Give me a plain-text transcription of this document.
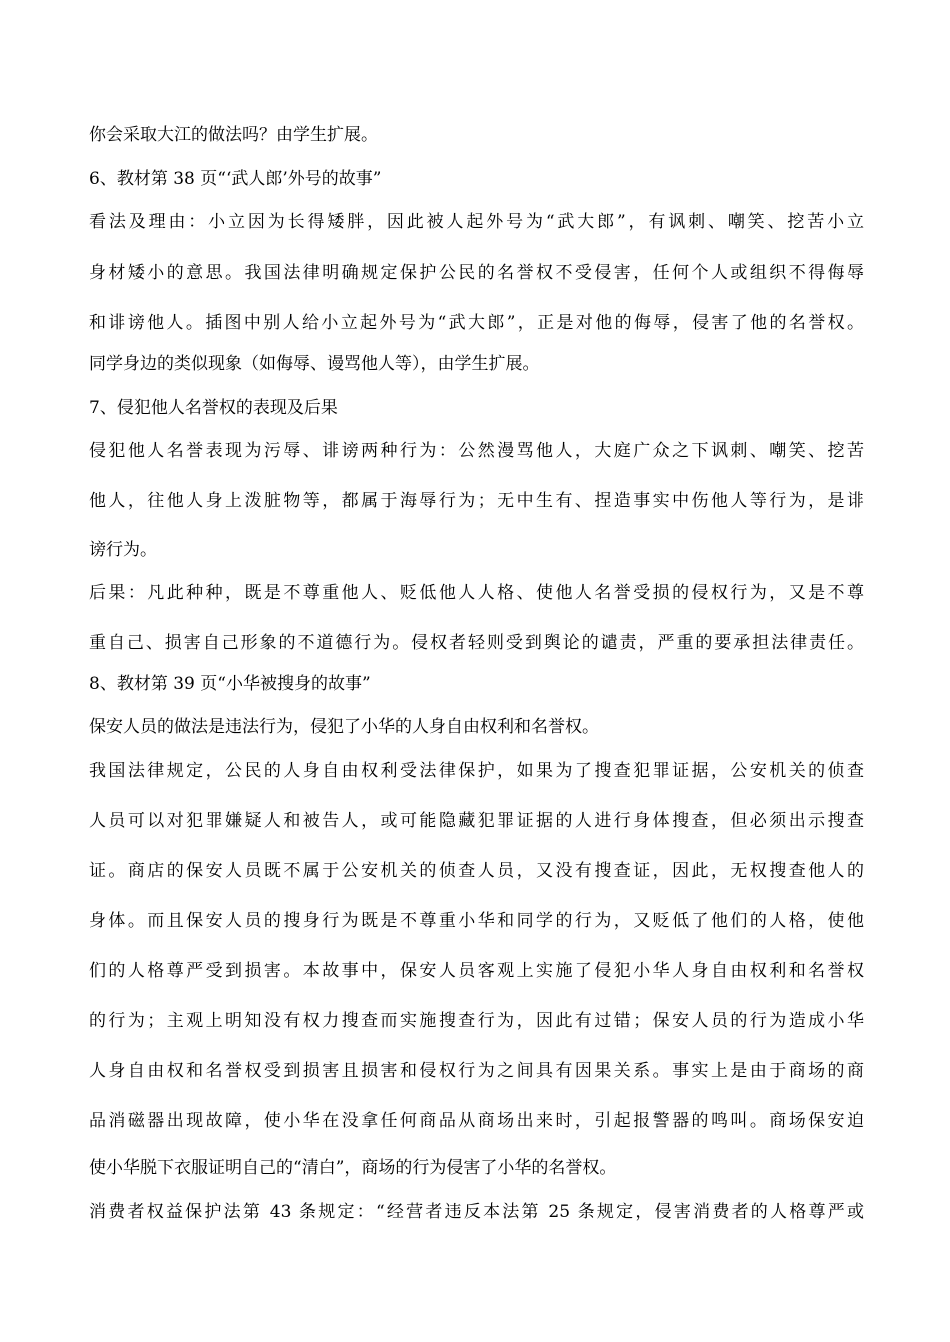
你会采取大江的做法吗？由学生扩展。

6、教材第 38 页“‘武人郎’外号的故事”

看法及理由：小立因为长得矮胖，因此被人起外号为“武大郎”，有讽刺、嘲笑、挖苦小立

身材矮小的意思。我国法律明确规定保护公民的名誉权不受侵害，任何个人或组织不得侮辱

和诽谤他人。插图中别人给小立起外号为“武大郎”，正是对他的侮辱，侵害了他的名誉权。

同学身边的类似现象（如侮辱、谩骂他人等），由学生扩展。

7、侵犯他人名誉权的表现及后果

侵犯他人名誉表现为污辱、诽谤两种行为：公然漫骂他人，大庭广众之下讽刺、嘲笑、挖苦

他人，往他人身上泼脏物等，都属于海辱行为；无中生有、捏造事实中伤他人等行为，是诽

谤行为。

后果：凡此种种，既是不尊重他人、贬低他人人格、使他人名誉受损的侵权行为，又是不尊

重自己、损害自己形象的不道德行为。侵权者轻则受到舆论的谴责，严重的要承担法律责任。

8、教材第 39 页“小华被搜身的故事”

保安人员的做法是违法行为，侵犯了小华的人身自由权利和名誉权。

我国法律规定，公民的人身自由权利受法律保护，如果为了搜查犯罪证据，公安机关的侦查

人员可以对犯罪嫌疑人和被告人，或可能隐藏犯罪证据的人进行身体搜查，但必须出示搜查

证。商店的保安人员既不属于公安机关的侦查人员，又没有搜查证，因此，无权搜查他人的

身体。而且保安人员的搜身行为既是不尊重小华和同学的行为，又贬低了他们的人格，使他

们的人格尊严受到损害。本故事中，保安人员客观上实施了侵犯小华人身自由权利和名誉权

的行为；主观上明知没有权力搜查而实施搜查行为，因此有过错；保安人员的行为造成小华

人身自由权和名誉权受到损害且损害和侵权行为之间具有因果关系。事实上是由于商场的商

品消磁器出现故障，使小华在没拿任何商品从商场出来时，引起报警器的鸣叫。商场保安迫

使小华脱下衣服证明自己的“清白”，商场的行为侵害了小华的名誉权。

消费者权益保护法第 43 条规定：“经营者违反本法第 25 条规定，侵害消费者的人格尊严或
